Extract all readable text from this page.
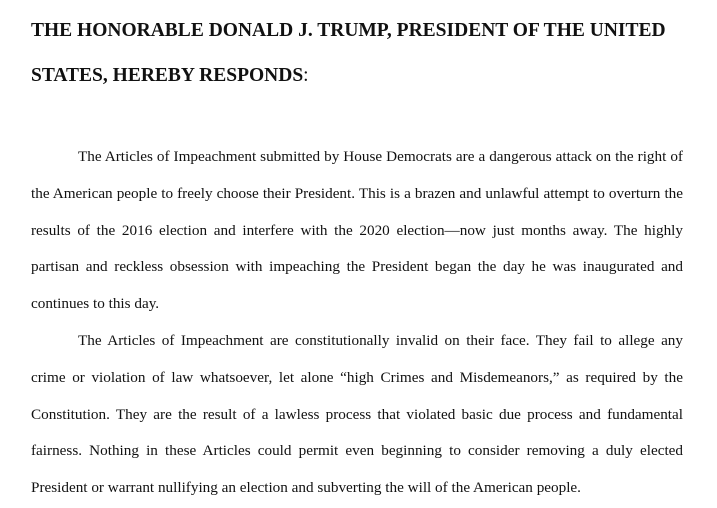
THE HONORABLE DONALD J. TRUMP, PRESIDENT OF THE UNITED
STATES, HEREBY RESPONDS:

The Articles of Impeachment submitted by House Democrats are a dangerous attack on the right of the American people to freely choose their President. This is a brazen and unlawful attempt to overturn the results of the 2016 election and interfere with the 2020 election—now just months away. The highly partisan and reckless obsession with impeaching the President began the day he was inaugurated and continues to this day.

The Articles of Impeachment are constitutionally invalid on their face. They fail to allege any crime or violation of law whatsoever, let alone “high Crimes and Misdemeanors,” as required by the Constitution. They are the result of a lawless process that violated basic due process and fundamental fairness. Nothing in these Articles could permit even beginning to consider removing a duly elected President or warrant nullifying an election and subverting the will of the American people.
